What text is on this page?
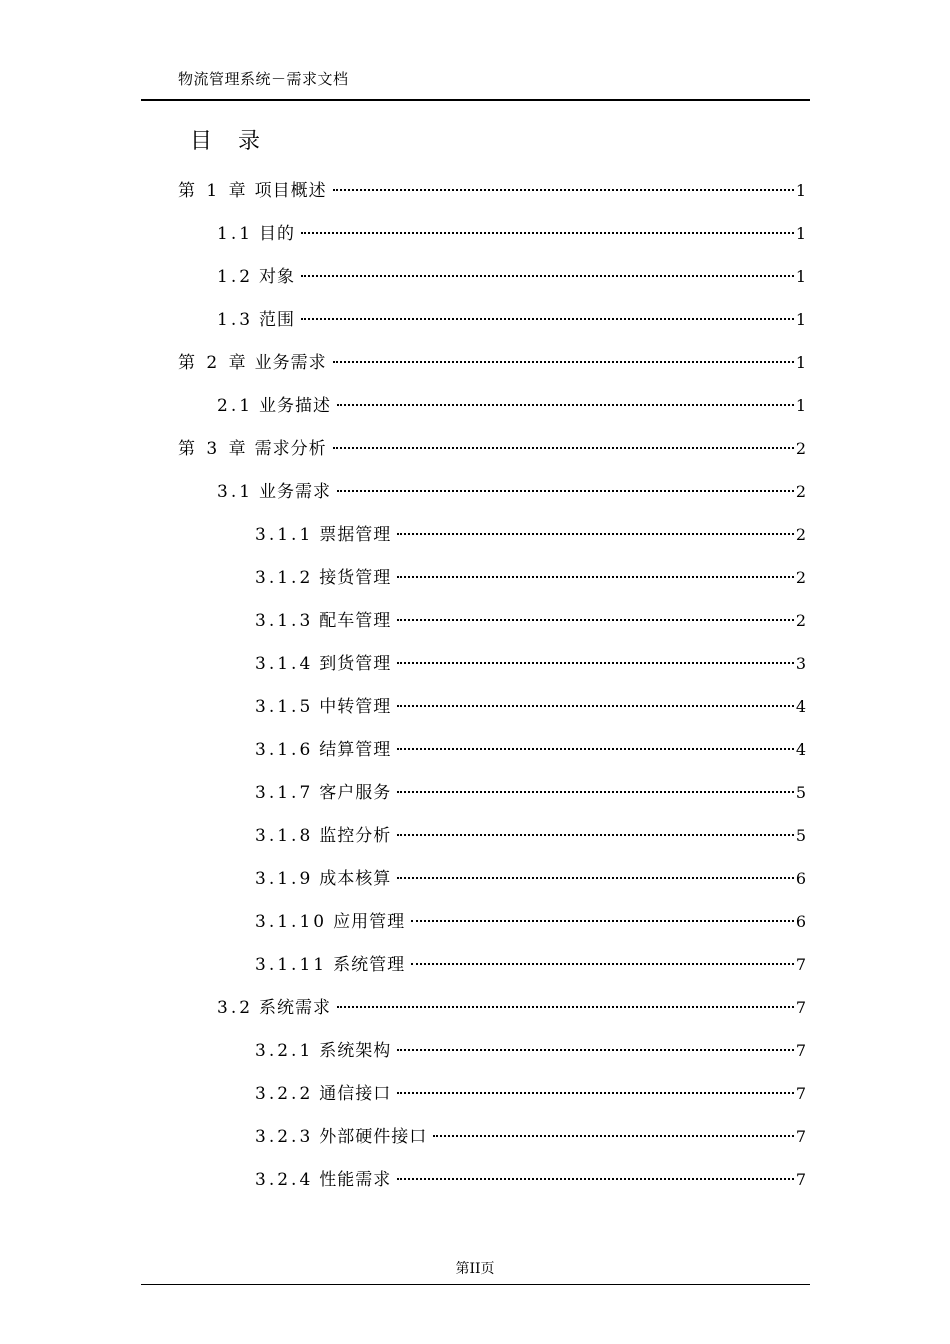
物流管理系统－需求文档
目　录
第 1 章 项目概述	1
1.1 目的	1
1.2 对象	1
1.3 范围	1
第 2 章 业务需求	1
2.1 业务描述	1
第 3 章 需求分析	2
3.1 业务需求	2
3.1.1 票据管理	2
3.1.2 接货管理	2
3.1.3 配车管理	2
3.1.4 到货管理	3
3.1.5 中转管理	4
3.1.6 结算管理	4
3.1.7 客户服务	5
3.1.8 监控分析	5
3.1.9 成本核算	6
3.1.10 应用管理	6
3.1.11 系统管理	7
3.2 系统需求	7
3.2.1 系统架构	7
3.2.2 通信接口	7
3.2.3 外部硬件接口	7
3.2.4 性能需求	7
第II页
